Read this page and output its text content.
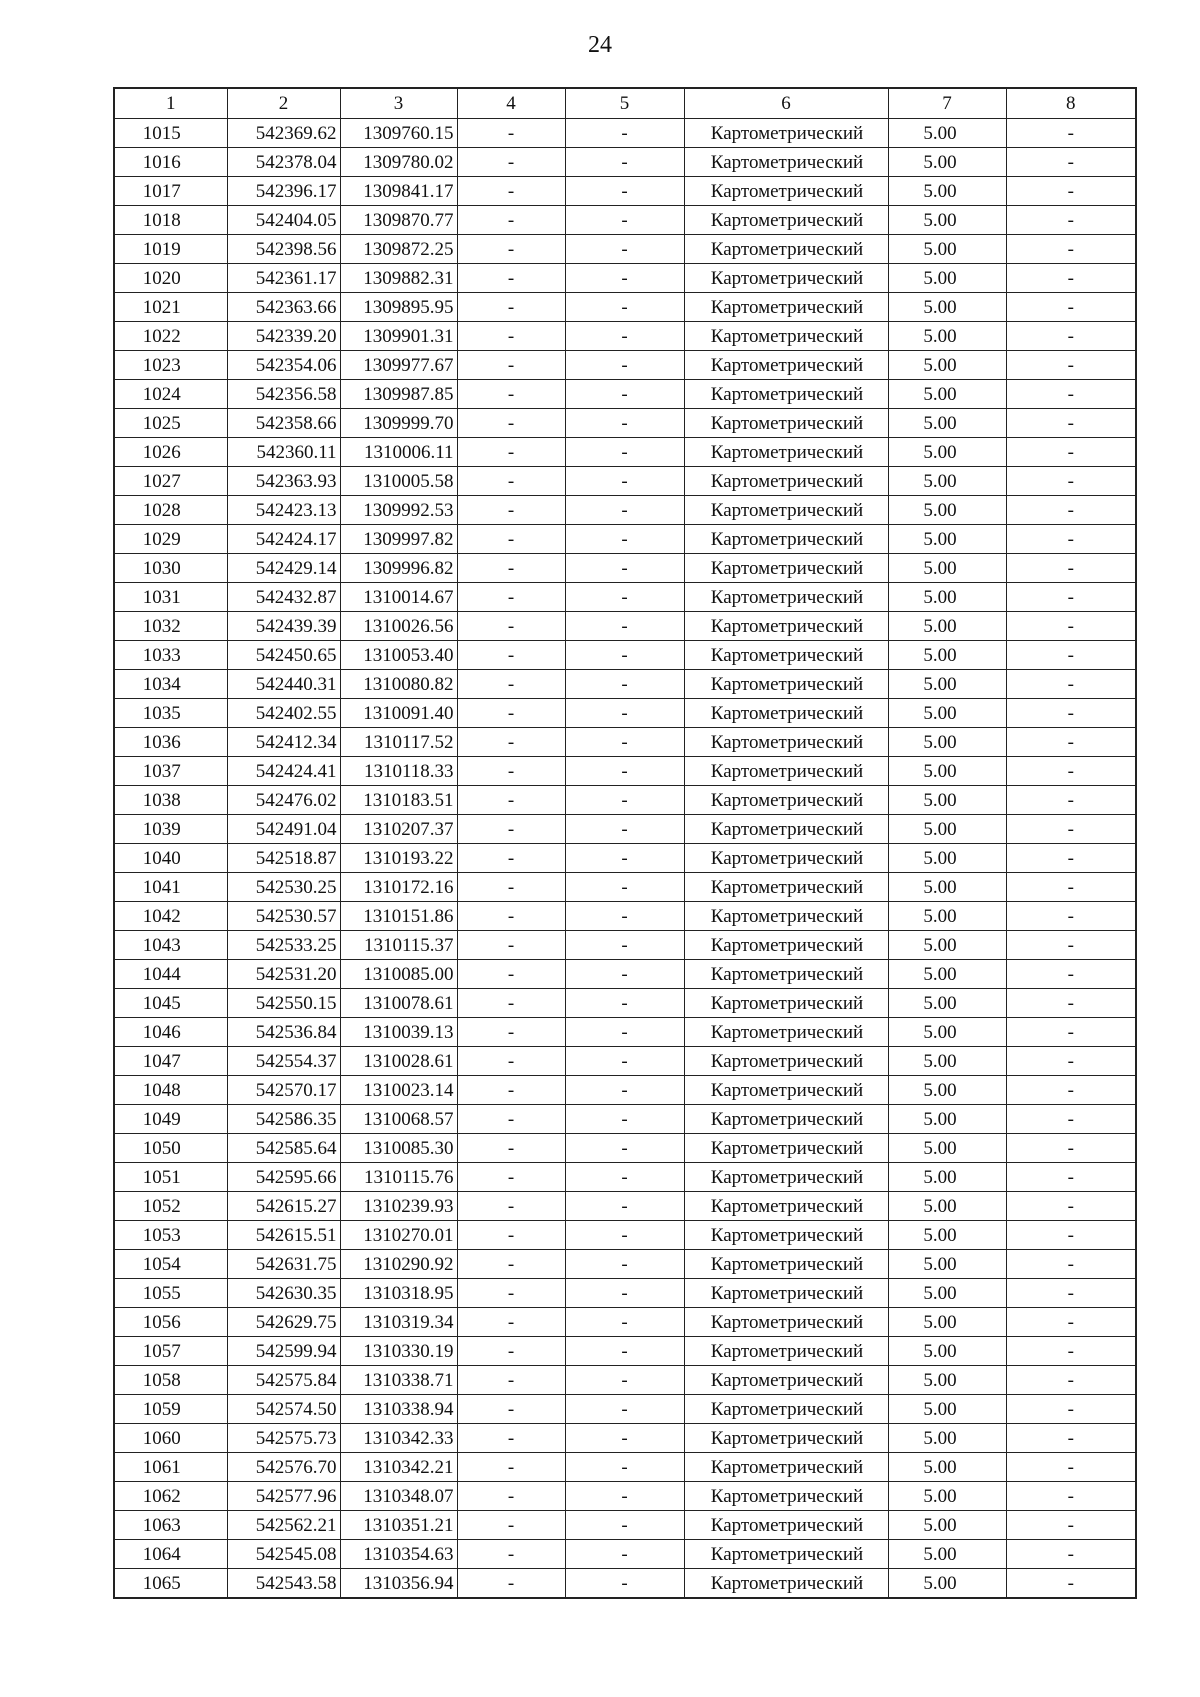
24
1	2	3	4	5	6	7	8
1015	542369.62	1309760.15	-	-	Картометрический	5.00	-
1016	542378.04	1309780.02	-	-	Картометрический	5.00	-
1017	542396.17	1309841.17	-	-	Картометрический	5.00	-
1018	542404.05	1309870.77	-	-	Картометрический	5.00	-
1019	542398.56	1309872.25	-	-	Картометрический	5.00	-
1020	542361.17	1309882.31	-	-	Картометрический	5.00	-
1021	542363.66	1309895.95	-	-	Картометрический	5.00	-
1022	542339.20	1309901.31	-	-	Картометрический	5.00	-
1023	542354.06	1309977.67	-	-	Картометрический	5.00	-
1024	542356.58	1309987.85	-	-	Картометрический	5.00	-
1025	542358.66	1309999.70	-	-	Картометрический	5.00	-
1026	542360.11	1310006.11	-	-	Картометрический	5.00	-
1027	542363.93	1310005.58	-	-	Картометрический	5.00	-
1028	542423.13	1309992.53	-	-	Картометрический	5.00	-
1029	542424.17	1309997.82	-	-	Картометрический	5.00	-
1030	542429.14	1309996.82	-	-	Картометрический	5.00	-
1031	542432.87	1310014.67	-	-	Картометрический	5.00	-
1032	542439.39	1310026.56	-	-	Картометрический	5.00	-
1033	542450.65	1310053.40	-	-	Картометрический	5.00	-
1034	542440.31	1310080.82	-	-	Картометрический	5.00	-
1035	542402.55	1310091.40	-	-	Картометрический	5.00	-
1036	542412.34	1310117.52	-	-	Картометрический	5.00	-
1037	542424.41	1310118.33	-	-	Картометрический	5.00	-
1038	542476.02	1310183.51	-	-	Картометрический	5.00	-
1039	542491.04	1310207.37	-	-	Картометрический	5.00	-
1040	542518.87	1310193.22	-	-	Картометрический	5.00	-
1041	542530.25	1310172.16	-	-	Картометрический	5.00	-
1042	542530.57	1310151.86	-	-	Картометрический	5.00	-
1043	542533.25	1310115.37	-	-	Картометрический	5.00	-
1044	542531.20	1310085.00	-	-	Картометрический	5.00	-
1045	542550.15	1310078.61	-	-	Картометрический	5.00	-
1046	542536.84	1310039.13	-	-	Картометрический	5.00	-
1047	542554.37	1310028.61	-	-	Картометрический	5.00	-
1048	542570.17	1310023.14	-	-	Картометрический	5.00	-
1049	542586.35	1310068.57	-	-	Картометрический	5.00	-
1050	542585.64	1310085.30	-	-	Картометрический	5.00	-
1051	542595.66	1310115.76	-	-	Картометрический	5.00	-
1052	542615.27	1310239.93	-	-	Картометрический	5.00	-
1053	542615.51	1310270.01	-	-	Картометрический	5.00	-
1054	542631.75	1310290.92	-	-	Картометрический	5.00	-
1055	542630.35	1310318.95	-	-	Картометрический	5.00	-
1056	542629.75	1310319.34	-	-	Картометрический	5.00	-
1057	542599.94	1310330.19	-	-	Картометрический	5.00	-
1058	542575.84	1310338.71	-	-	Картометрический	5.00	-
1059	542574.50	1310338.94	-	-	Картометрический	5.00	-
1060	542575.73	1310342.33	-	-	Картометрический	5.00	-
1061	542576.70	1310342.21	-	-	Картометрический	5.00	-
1062	542577.96	1310348.07	-	-	Картометрический	5.00	-
1063	542562.21	1310351.21	-	-	Картометрический	5.00	-
1064	542545.08	1310354.63	-	-	Картометрический	5.00	-
1065	542543.58	1310356.94	-	-	Картометрический	5.00	-
